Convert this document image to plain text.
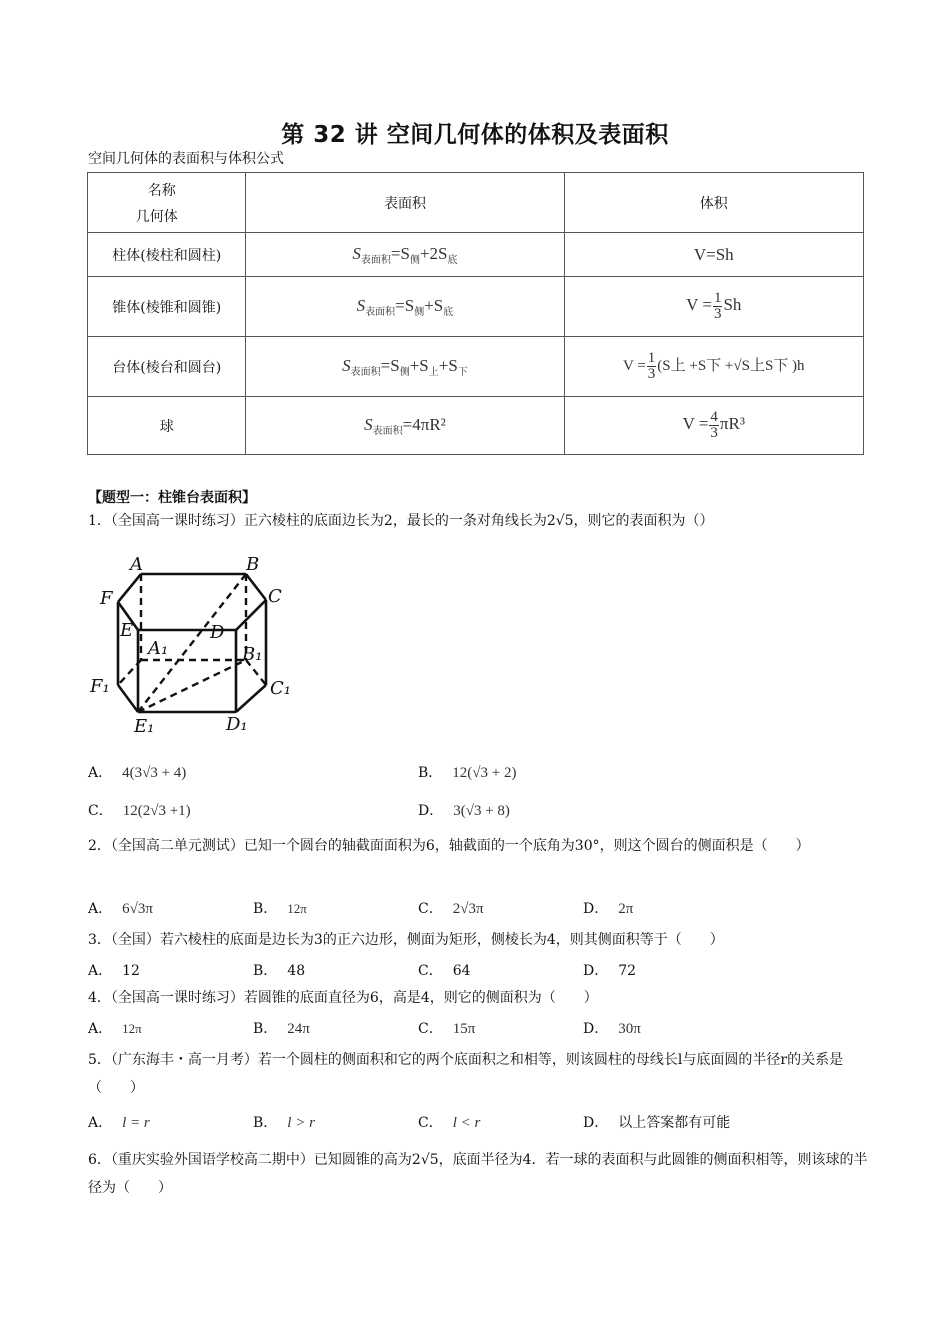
第 32 讲 空间几何体的体积及表面积
空间几何体的表面积与体积公式
名称
几何体	表面积	体积
柱体(棱柱和圆柱)	$S_{表面积}=S_侧+2S_底$	V=Sh
锥体(棱锥和圆锥)	$S_{表面积}=S_侧+S_底$	$V = \frac{1}{3}$ Sh
台体(棱台和圆台)	$S_{表面积}=S_侧+S_上+S_下$	$V = \frac{1}{3} (S$上 +S下 +√S上S下 )h
球	$S_{表面积}=4\pi R^2$	$V = \frac{4}{3} \pi R^3$
【题型一：柱锥台表面积】
1．（全国高一课时练习）正六棱柱的底面边长为2，最长的一条对角线长为2√5，则它的表面积为（）
A	B
C
D
E
F
A₁	B₁
C₁
D₁
E₁
F₁
A． 4(3√3 + 4)	B． 12(√3 + 2)
C． 12(2√3 +1)	D． 3(√3 + 8)
2．（全国高二单元测试）已知一个圆台的轴截面面积为6，轴截面的一个底角为30°，则这个圆台的侧面积是（　　）
A． 6√3π	B． 12π	C． 2√3π	D． 2π
3．（全国）若六棱柱的底面是边长为3的正六边形，侧面为矩形，侧棱长为4，则其侧面积等于（　　）
A． 12	B． 48	C． 64	D． 72
4．（全国高一课时练习）若圆锥的底面直径为6，高是4，则它的侧面积为（　　）
A． 12π	B． 24π	C． 15π	D． 30π
5．（广东海丰・高一月考）若一个圆柱的侧面积和它的两个底面积之和相等，则该圆柱的母线长l与底面圆的半径r的关系是（　　）
A． l = r	B． l > r	C． l < r	D． 以上答案都有可能
6．（重庆实验外国语学校高二期中）已知圆锥的高为2√5，底面半径为4．若一球的表面积与此圆锥的侧面积相等，则该球的半径为（　　）
